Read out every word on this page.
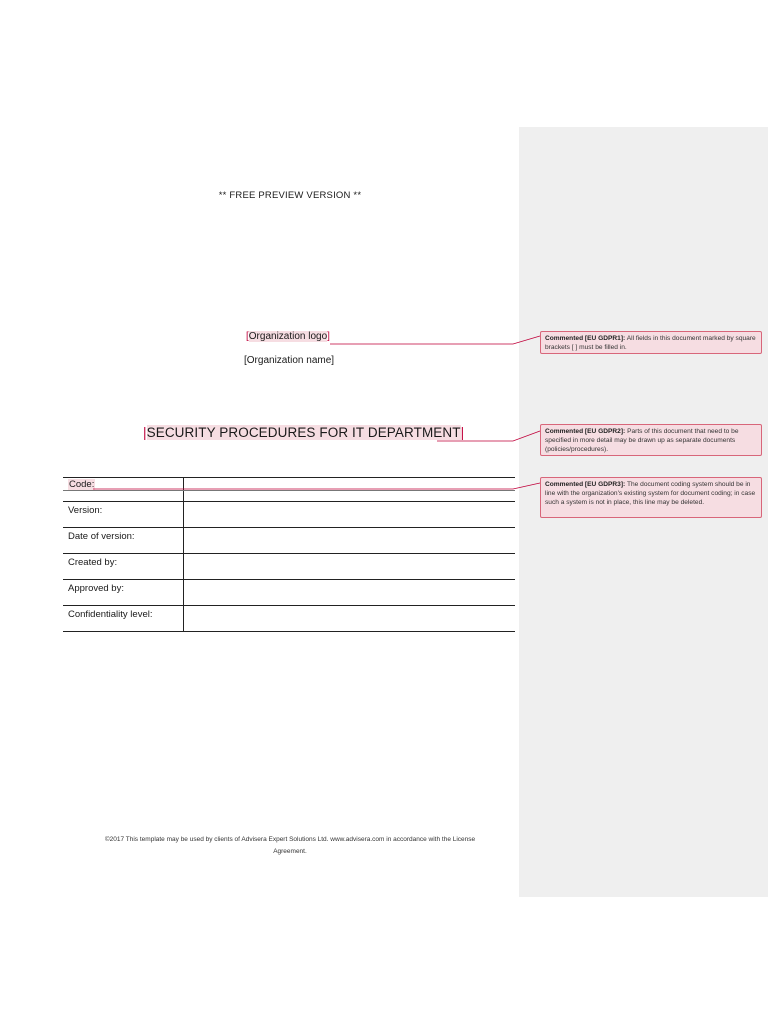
** FREE PREVIEW VERSION **
[Organization logo]
[Organization name]
|SECURITY PROCEDURES FOR IT DEPARTMENT|
Code:	

Version:	
Date of version:	
Created by:	
Approved by:	
Confidentiality level:	
©2017 This template may be used by clients of Advisera Expert Solutions Ltd. www.advisera.com in accordance with the License
Agreement.
Commented [EU GDPR1]: All fields in this document marked by square brackets [ ] must be filled in.
Commented [EU GDPR2]: Parts of this document that need to be specified in more detail may be drawn up as separate documents (policies/procedures).
Commented [EU GDPR3]: The document coding system should be in line with the organization's existing system for document coding; in case such a system is not in place, this line may be deleted.
